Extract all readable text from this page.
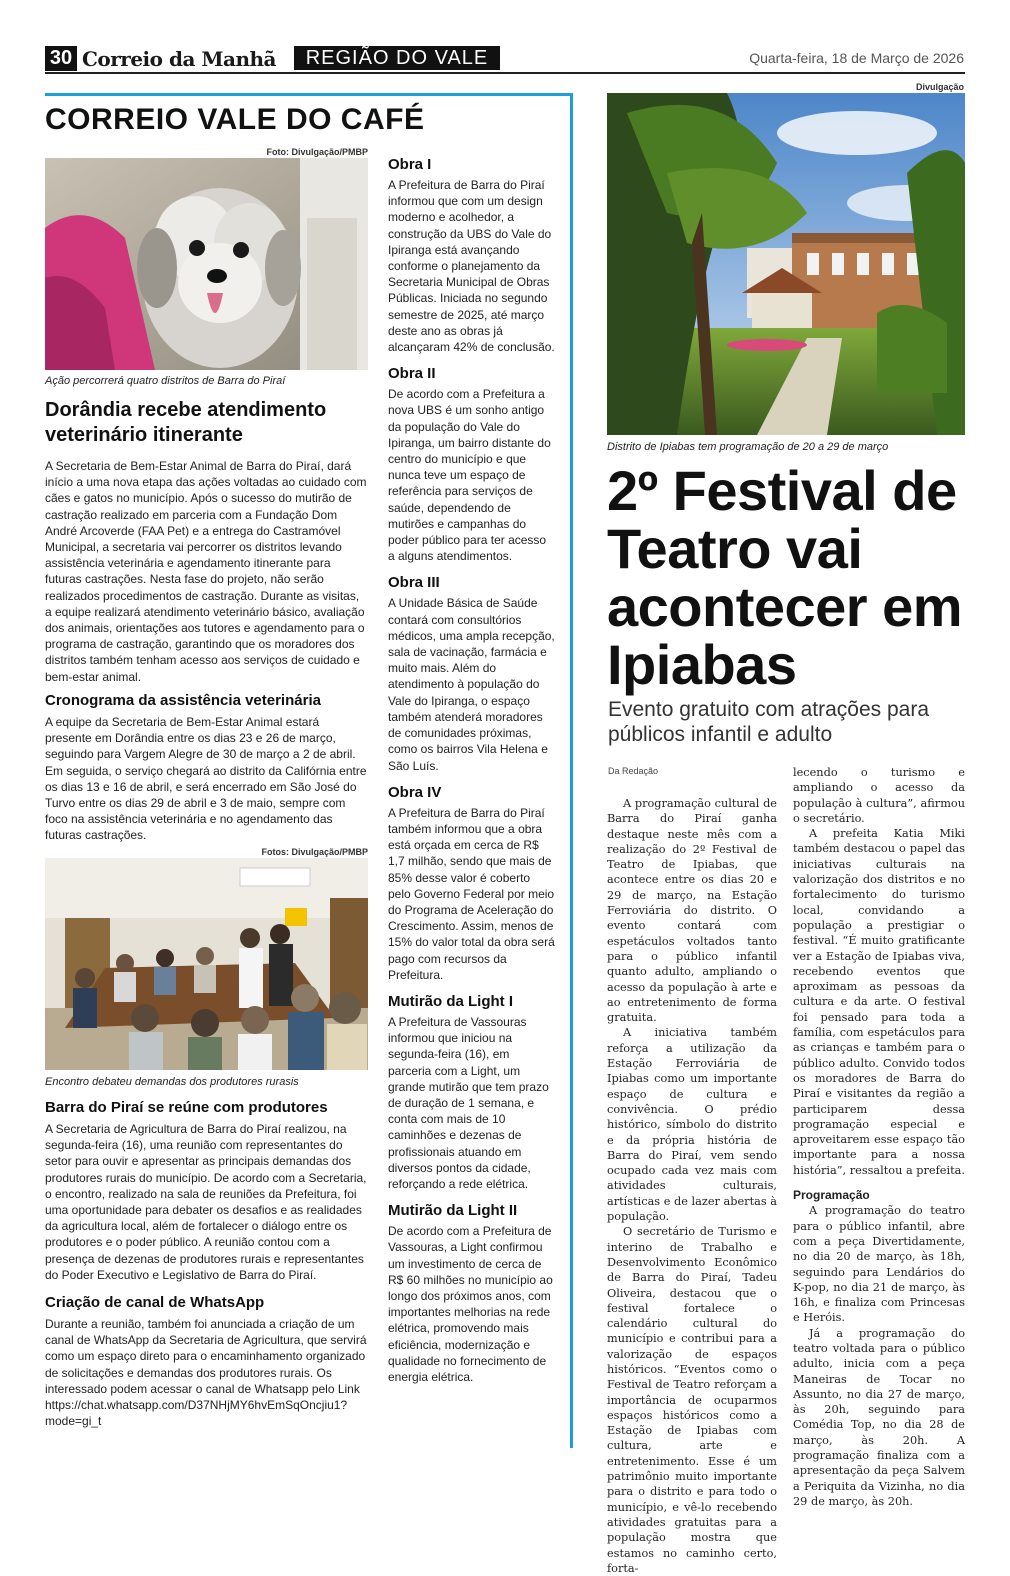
30 Correio da Manhã	REGIÃO DO VALE	Quarta-feira, 18 de Março de 2026
CORREIO VALE DO CAFÉ
Foto: Divulgação/PMBP
Ação percorrerá quatro distritos de Barra do Piraí
Dorândia recebe atendimento veterinário itinerante

A Secretaria de Bem-Estar Animal de Barra do Piraí, dará início a uma nova etapa das ações voltadas ao cuidado com cães e gatos no município. Após o sucesso do mutirão de castração realizado em parceria com a Fundação Dom André Arcoverde (FAA Pet) e a entrega do Castramóvel Municipal, a secretaria vai percorrer os distritos levando assistência veterinária e agendamento itinerante para futuras castrações. Nesta fase do projeto, não serão realizados procedimentos de castração. Durante as visitas, a equipe realizará atendimento veterinário básico, avaliação dos animais, orientações aos tutores e agendamento para o programa de castração, garantindo que os moradores dos distritos também tenham acesso aos serviços de cuidado e bem-estar animal.

Cronograma da assistência veterinária

A equipe da Secretaria de Bem-Estar Animal estará presente em Dorândia entre os dias 23 e 26 de março, seguindo para Vargem Alegre de 30 de março a 2 de abril. Em seguida, o serviço chegará ao distrito da Califórnia entre os dias 13 e 16 de abril, e será encerrado em São José do Turvo entre os dias 29 de abril e 3 de maio, sempre com foco na assistência veterinária e no agendamento das futuras castrações.

Fotos: Divulgação/PMBP
Encontro debateu demandas dos produtores rurasis
Barra do Piraí se reúne com produtores

A Secretaria de Agricultura de Barra do Piraí realizou, na segunda-feira (16), uma reunião com representantes do setor para ouvir e apresentar as principais demandas dos produtores rurais do município. De acordo com a Secretaria, o encontro, realizado na sala de reuniões da Prefeitura, foi uma oportunidade para debater os desafios e as realidades da agricultura local, além de fortalecer o diálogo entre os produtores e o poder público. A reunião contou com a presença de dezenas de produtores rurais e representantes do Poder Executivo e Legislativo de Barra do Piraí.

Criação de canal de WhatsApp

Durante a reunião, também foi anunciada a criação de um canal de WhatsApp da Secretaria de Agricultura, que servirá como um espaço direto para o encaminhamento organizado de solicitações e demandas dos produtores rurais. Os interessado podem acessar o canal de Whatsapp pelo Link https://chat.whatsapp.com/D37NHjMY6hvEmSqOncjiu1?mode=gi_t

Obra I

A Prefeitura de Barra do Piraí informou que com um design moderno e acolhedor, a construção da UBS do Vale do Ipiranga está avançando conforme o planejamento da Secretaria Municipal de Obras Públicas. Iniciada no segundo semestre de 2025, até março deste ano as obras já alcançaram 42% de conclusão.

Obra II

De acordo com a Prefeitura a nova UBS é um sonho antigo da população do Vale do Ipiranga, um bairro distante do centro do município e que nunca teve um espaço de referência para serviços de saúde, dependendo de mutirões e campanhas do poder público para ter acesso a alguns atendimentos.

Obra III

A Unidade Básica de Saúde contará com consultórios médicos, uma ampla recepção, sala de vacinação, farmácia e muito mais. Além do atendimento à população do Vale do Ipiranga, o espaço também atenderá moradores de comunidades próximas, como os bairros Vila Helena e São Luís.

Obra IV

A Prefeitura de Barra do Piraí também informou que a obra está orçada em cerca de R$ 1,7 milhão, sendo que mais de 85% desse valor é coberto pelo Governo Federal por meio do Programa de Aceleração do Crescimento. Assim, menos de 15% do valor total da obra será pago com recursos da Prefeitura.

Mutirão da Light I

A Prefeitura de Vassouras informou que iniciou na segunda-feira (16), em parceria com a Light, um grande mutirão que tem prazo de duração de 1 semana, e conta com mais de 10 caminhões e dezenas de profissionais atuando em diversos pontos da cidade, reforçando a rede elétrica.

Mutirão da Light II

De acordo com a Prefeitura de Vassouras, a Light confirmou um investimento de cerca de R$ 60 milhões no município ao longo dos próximos anos, com importantes melhorias na rede elétrica, promovendo mais eficiência, modernização e qualidade no fornecimento de energia elétrica.

Divulgação
Distrito de Ipiabas tem programação de 20 a 29 de março
2º Festival de Teatro vai acontecer em Ipiabas
Evento gratuito com atrações para públicos infantil e adulto
Da Redação

A programação cultural de Barra do Piraí ganha destaque neste mês com a realização do 2º Festival de Teatro de Ipiabas, que acontece entre os dias 20 e 29 de março, na Estação Ferroviária do distrito. O evento contará com espetáculos voltados tanto para o público infantil quanto adulto, ampliando o acesso da população à arte e ao entretenimento de forma gratuita.

A iniciativa também reforça a utilização da Estação Ferroviária de Ipiabas como um importante espaço de cultura e convivência. O prédio histórico, símbolo do distrito e da própria história de Barra do Piraí, vem sendo ocupado cada vez mais com atividades culturais, artísticas e de lazer abertas à população.

O secretário de Turismo e interino de Trabalho e Desenvolvimento Econômico de Barra do Piraí, Tadeu Oliveira, destacou que o festival fortalece o calendário cultural do município e contribui para a valorização de espaços históricos. “Eventos como o Festival de Teatro reforçam a importância de ocuparmos espaços históricos como a Estação de Ipiabas com cultura, arte e entretenimento. Esse é um patrimônio muito importante para o distrito e para todo o município, e vê-lo recebendo atividades gratuitas para a população mostra que estamos no caminho certo, forta-

lecendo o turismo e ampliando o acesso da população à cultura”, afirmou o secretário.

A prefeita Katia Miki também destacou o papel das iniciativas culturais na valorização dos distritos e no fortalecimento do turismo local, convidando a população a prestigiar o festival. “É muito gratificante ver a Estação de Ipiabas viva, recebendo eventos que aproximam as pessoas da cultura e da arte. O festival foi pensado para toda a família, com espetáculos para as crianças e também para o público adulto. Convido todos os moradores de Barra do Piraí e visitantes da região a participarem dessa programação especial e aproveitarem esse espaço tão importante para a nossa história”, ressaltou a prefeita.

Programação

A programação do teatro para o público infantil, abre com a peça Divertidamente, no dia 20 de março, às 18h, seguindo para Lendários do K-pop, no dia 21 de março, às 16h, e finaliza com Princesas e Heróis.

Já a programação do teatro voltada para o público adulto, inicia com a peça Maneiras de Tocar no Assunto, no dia 27 de março, às 20h, seguindo para Comédia Top, no dia 28 de março, às 20h. A programação finaliza com a apresentação da peça Salvem a Periquita da Vizinha, no dia 29 de março, às 20h.
